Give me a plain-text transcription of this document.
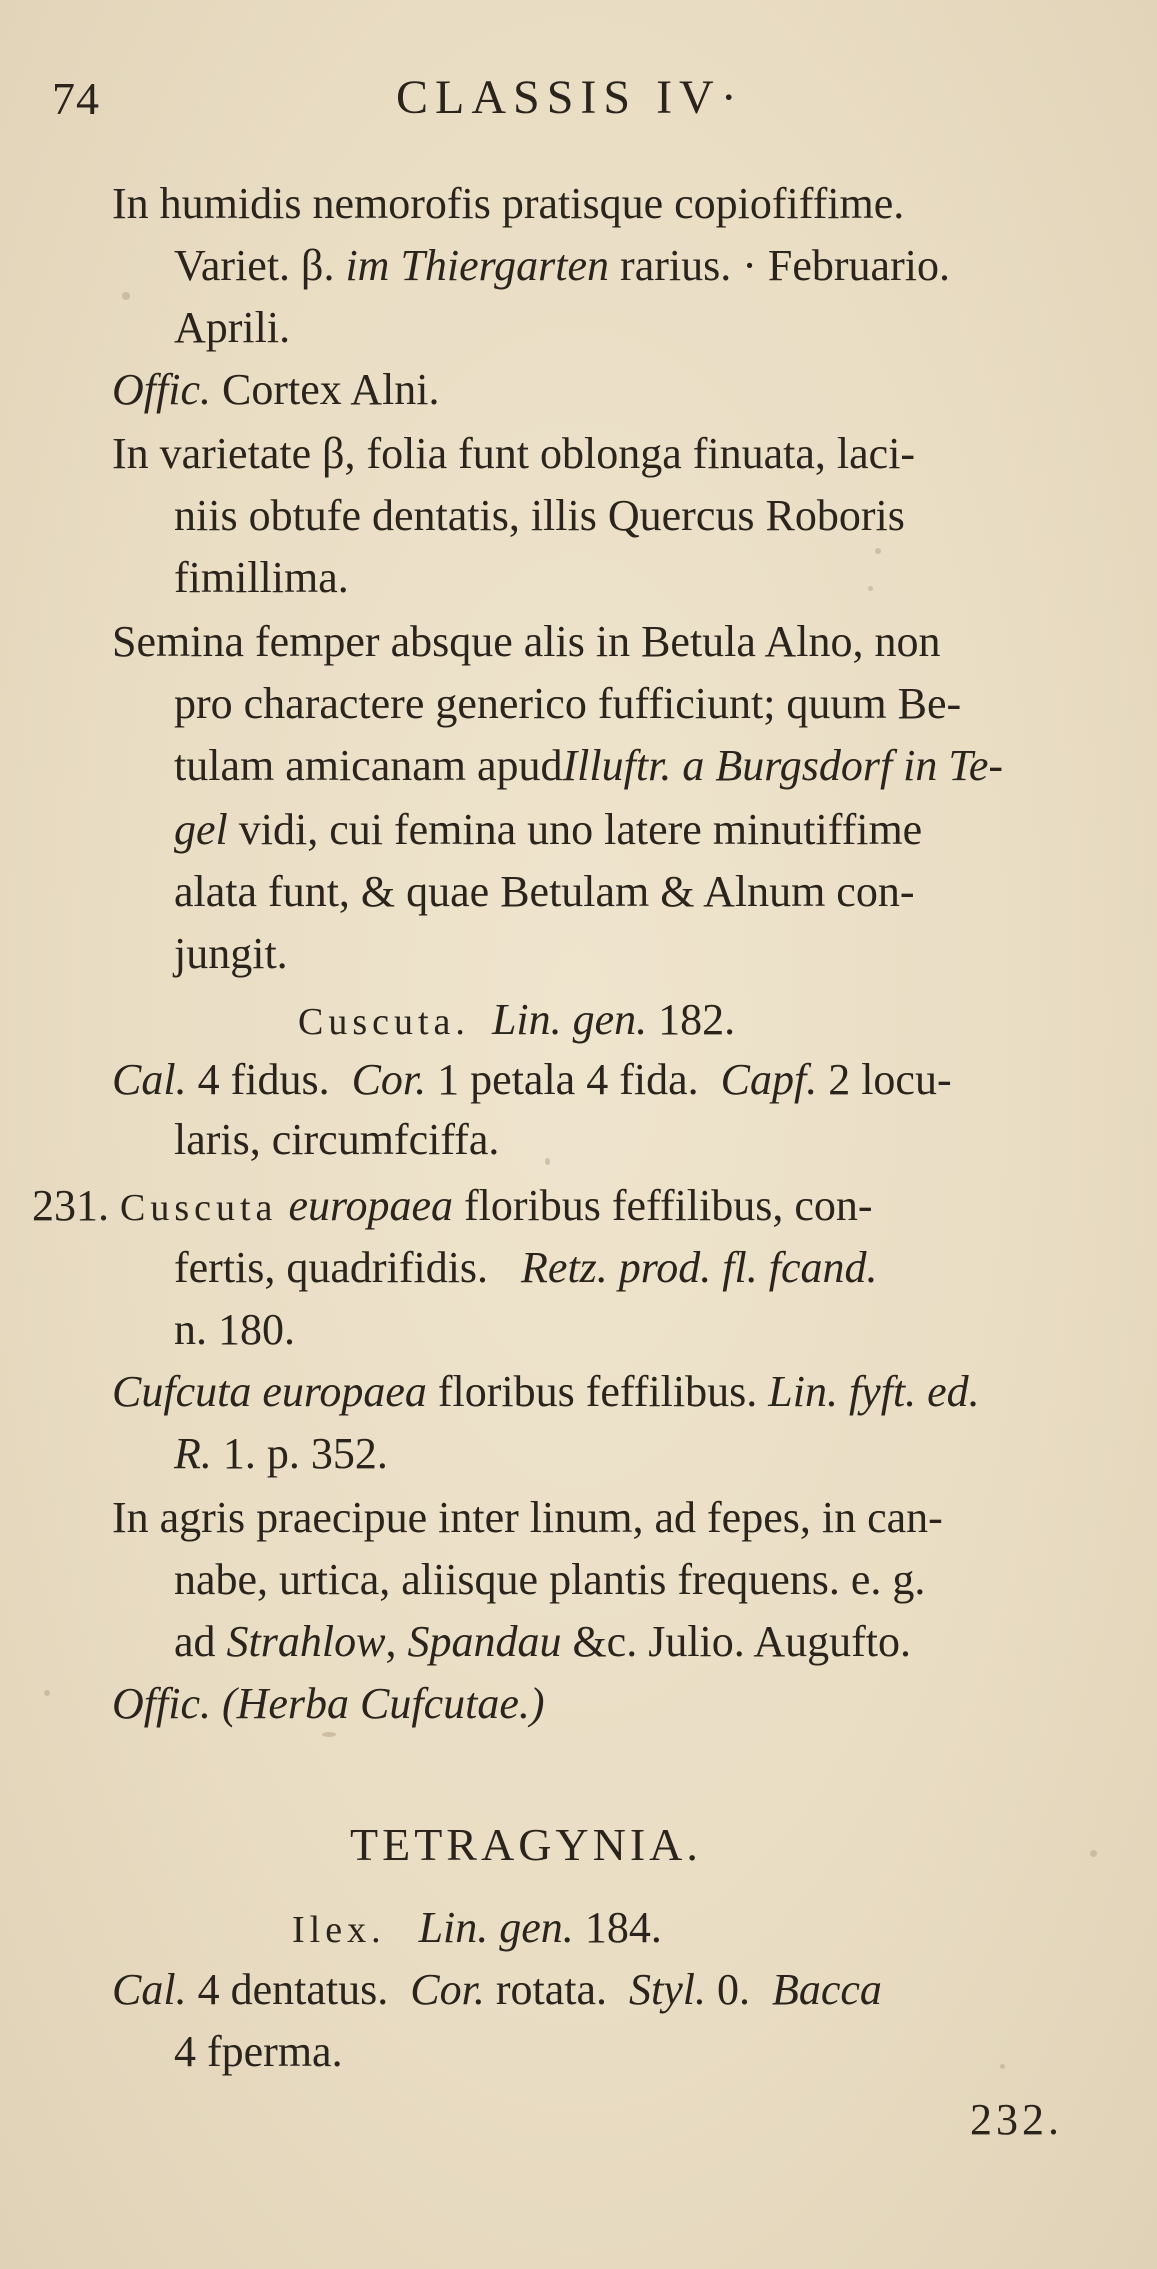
74	CLASSIS IV·
In humidis nemorofis pratisque copiofiffime.
Variet. β. im Thiergarten rarius. · Februario.
Aprili.
Offic. Cortex Alni.
In varietate β, folia funt oblonga finuata, laci-
niis obtufe dentatis, illis Quercus Roboris
fimillima.
Semina femper absque alis in Betula Alno, non
pro charactere generico fufficiunt; quum Be-
tulam amicanam apudIlluftr. a Burgsdorf in Te-
gel vidi, cui femina uno latere minutiffime
alata funt, & quae Betulam & Alnum con-
jungit.
Cuscuta. Lin. gen. 182.
Cal. 4 fidus. Cor. 1 petala 4 fida. Capf. 2 locu-
laris, circumfciffa.
231. Cuscuta europaea floribus feffilibus, con-
fertis, quadrifidis. Retz. prod. fl. fcand.
n. 180.
Cufcuta europaea floribus feffilibus. Lin. fyft. ed.
R. 1. p. 352.
In agris praecipue inter linum, ad fepes, in can-
nabe, urtica, aliisque plantis frequens. e. g.
ad Strahlow, Spandau &c. Julio. Augufto.
Offic. (Herba Cufcutae.)
TETRAGYNIA.
Ilex. Lin. gen. 184.
Cal. 4 dentatus. Cor. rotata. Styl. 0. Bacca
4 fperma.
232.
